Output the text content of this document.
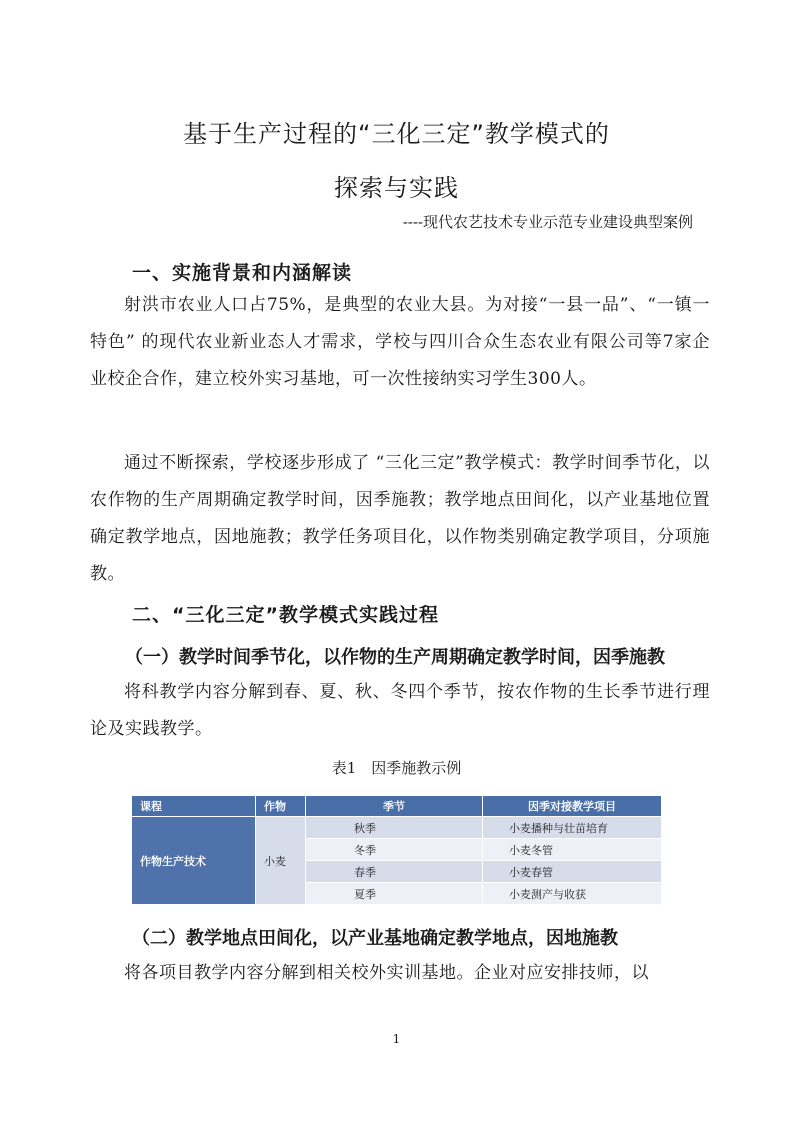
基于生产过程的“三化三定”教学模式的
探索与实践
----现代农艺技术专业示范专业建设典型案例
一、实施背景和内涵解读
射洪市农业人口占75%，是典型的农业大县。为对接“一县一品”、“一镇一特色” 的现代农业新业态人才需求，学校与四川合众生态农业有限公司等7家企业校企合作，建立校外实习基地，可一次性接纳实习学生300人。
通过不断探索，学校逐步形成了 “三化三定”教学模式：教学时间季节化，以农作物的生产周期确定教学时间，因季施教；教学地点田间化，以产业基地位置确定教学地点，因地施教；教学任务项目化，以作物类别确定教学项目，分项施教。
二、“三化三定”教学模式实践过程
（一）教学时间季节化，以作物的生产周期确定教学时间，因季施教
将科教学内容分解到春、夏、秋、冬四个季节，按农作物的生长季节进行理论及实践教学。
表1　因季施教示例
课程	作物	季节	因季对接教学项目
作物生产技术	小麦	秋季	小麦播种与壮苗培育
		冬季	小麦冬管
		春季	小麦春管
		夏季	小麦测产与收获
（二）教学地点田间化，以产业基地确定教学地点，因地施教
将各项目教学内容分解到相关校外实训基地。企业对应安排技师，以
1
